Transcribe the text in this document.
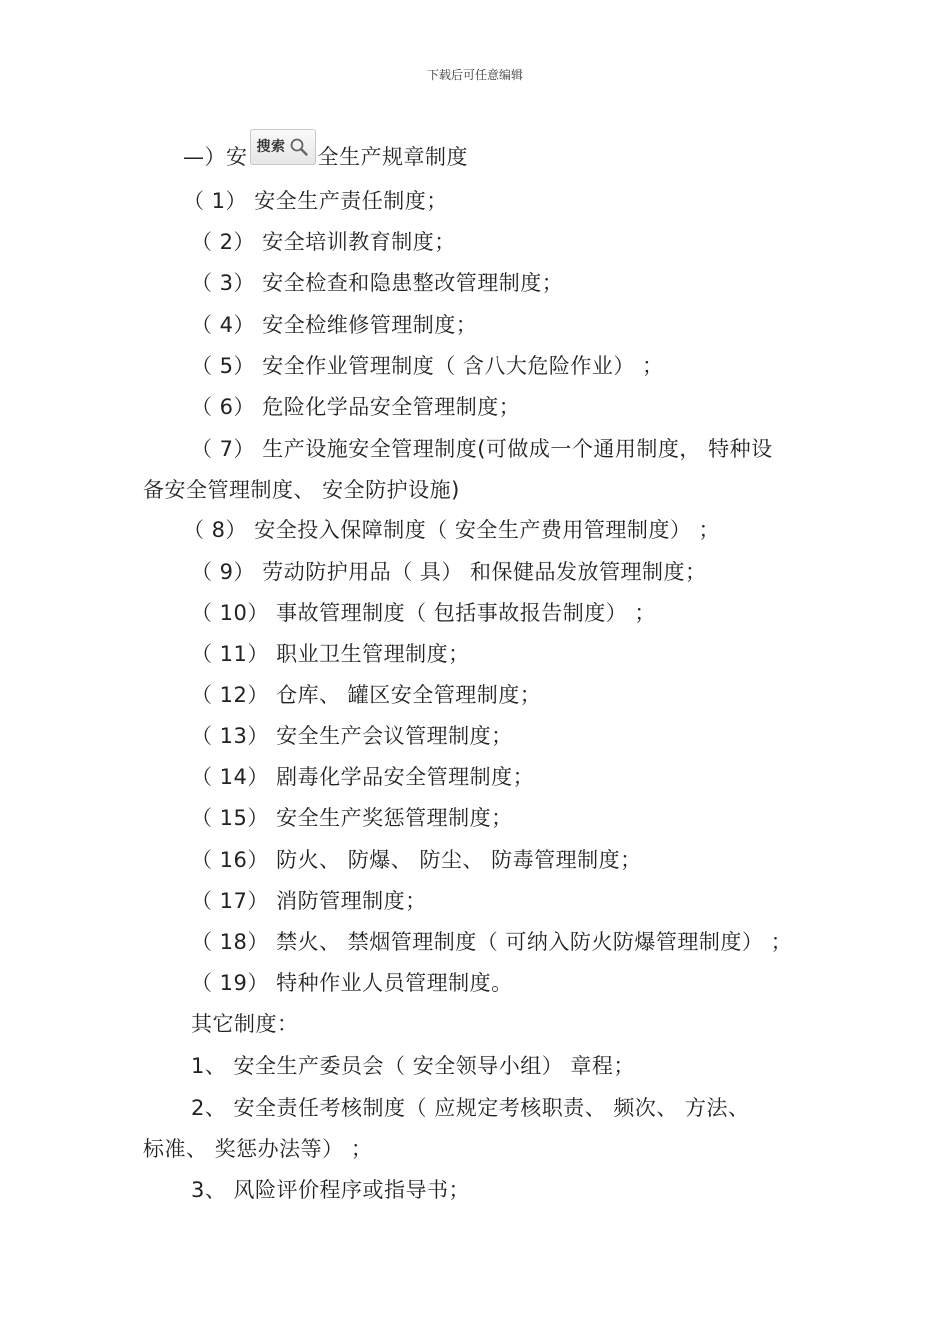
下载后可任意编辑
—）安 搜索 全生产规章制度
（ 1） 安全生产责任制度；
（ 2） 安全培训教育制度；
（ 3） 安全检查和隐患整改管理制度；
（ 4） 安全检维修管理制度；
（ 5） 安全作业管理制度（ 含八大危险作业） ；
（ 6） 危险化学品安全管理制度；
（ 7） 生产设施安全管理制度(可做成一个通用制度， 特种设
备安全管理制度、 安全防护设施)
（ 8） 安全投入保障制度（ 安全生产费用管理制度） ；
（ 9） 劳动防护用品（ 具） 和保健品发放管理制度；
（ 10） 事故管理制度（ 包括事故报告制度） ；
（ 11） 职业卫生管理制度；
（ 12） 仓库、 罐区安全管理制度；
（ 13） 安全生产会议管理制度；
（ 14） 剧毒化学品安全管理制度；
（ 15） 安全生产奖惩管理制度；
（ 16） 防火、 防爆、 防尘、 防毒管理制度；
（ 17） 消防管理制度；
（ 18） 禁火、 禁烟管理制度（ 可纳入防火防爆管理制度） ；
（ 19） 特种作业人员管理制度。
其它制度：
1、 安全生产委员会（ 安全领导小组） 章程；
2、 安全责任考核制度（ 应规定考核职责、 频次、 方法、
标准、 奖惩办法等） ；
3、 风险评价程序或指导书；
